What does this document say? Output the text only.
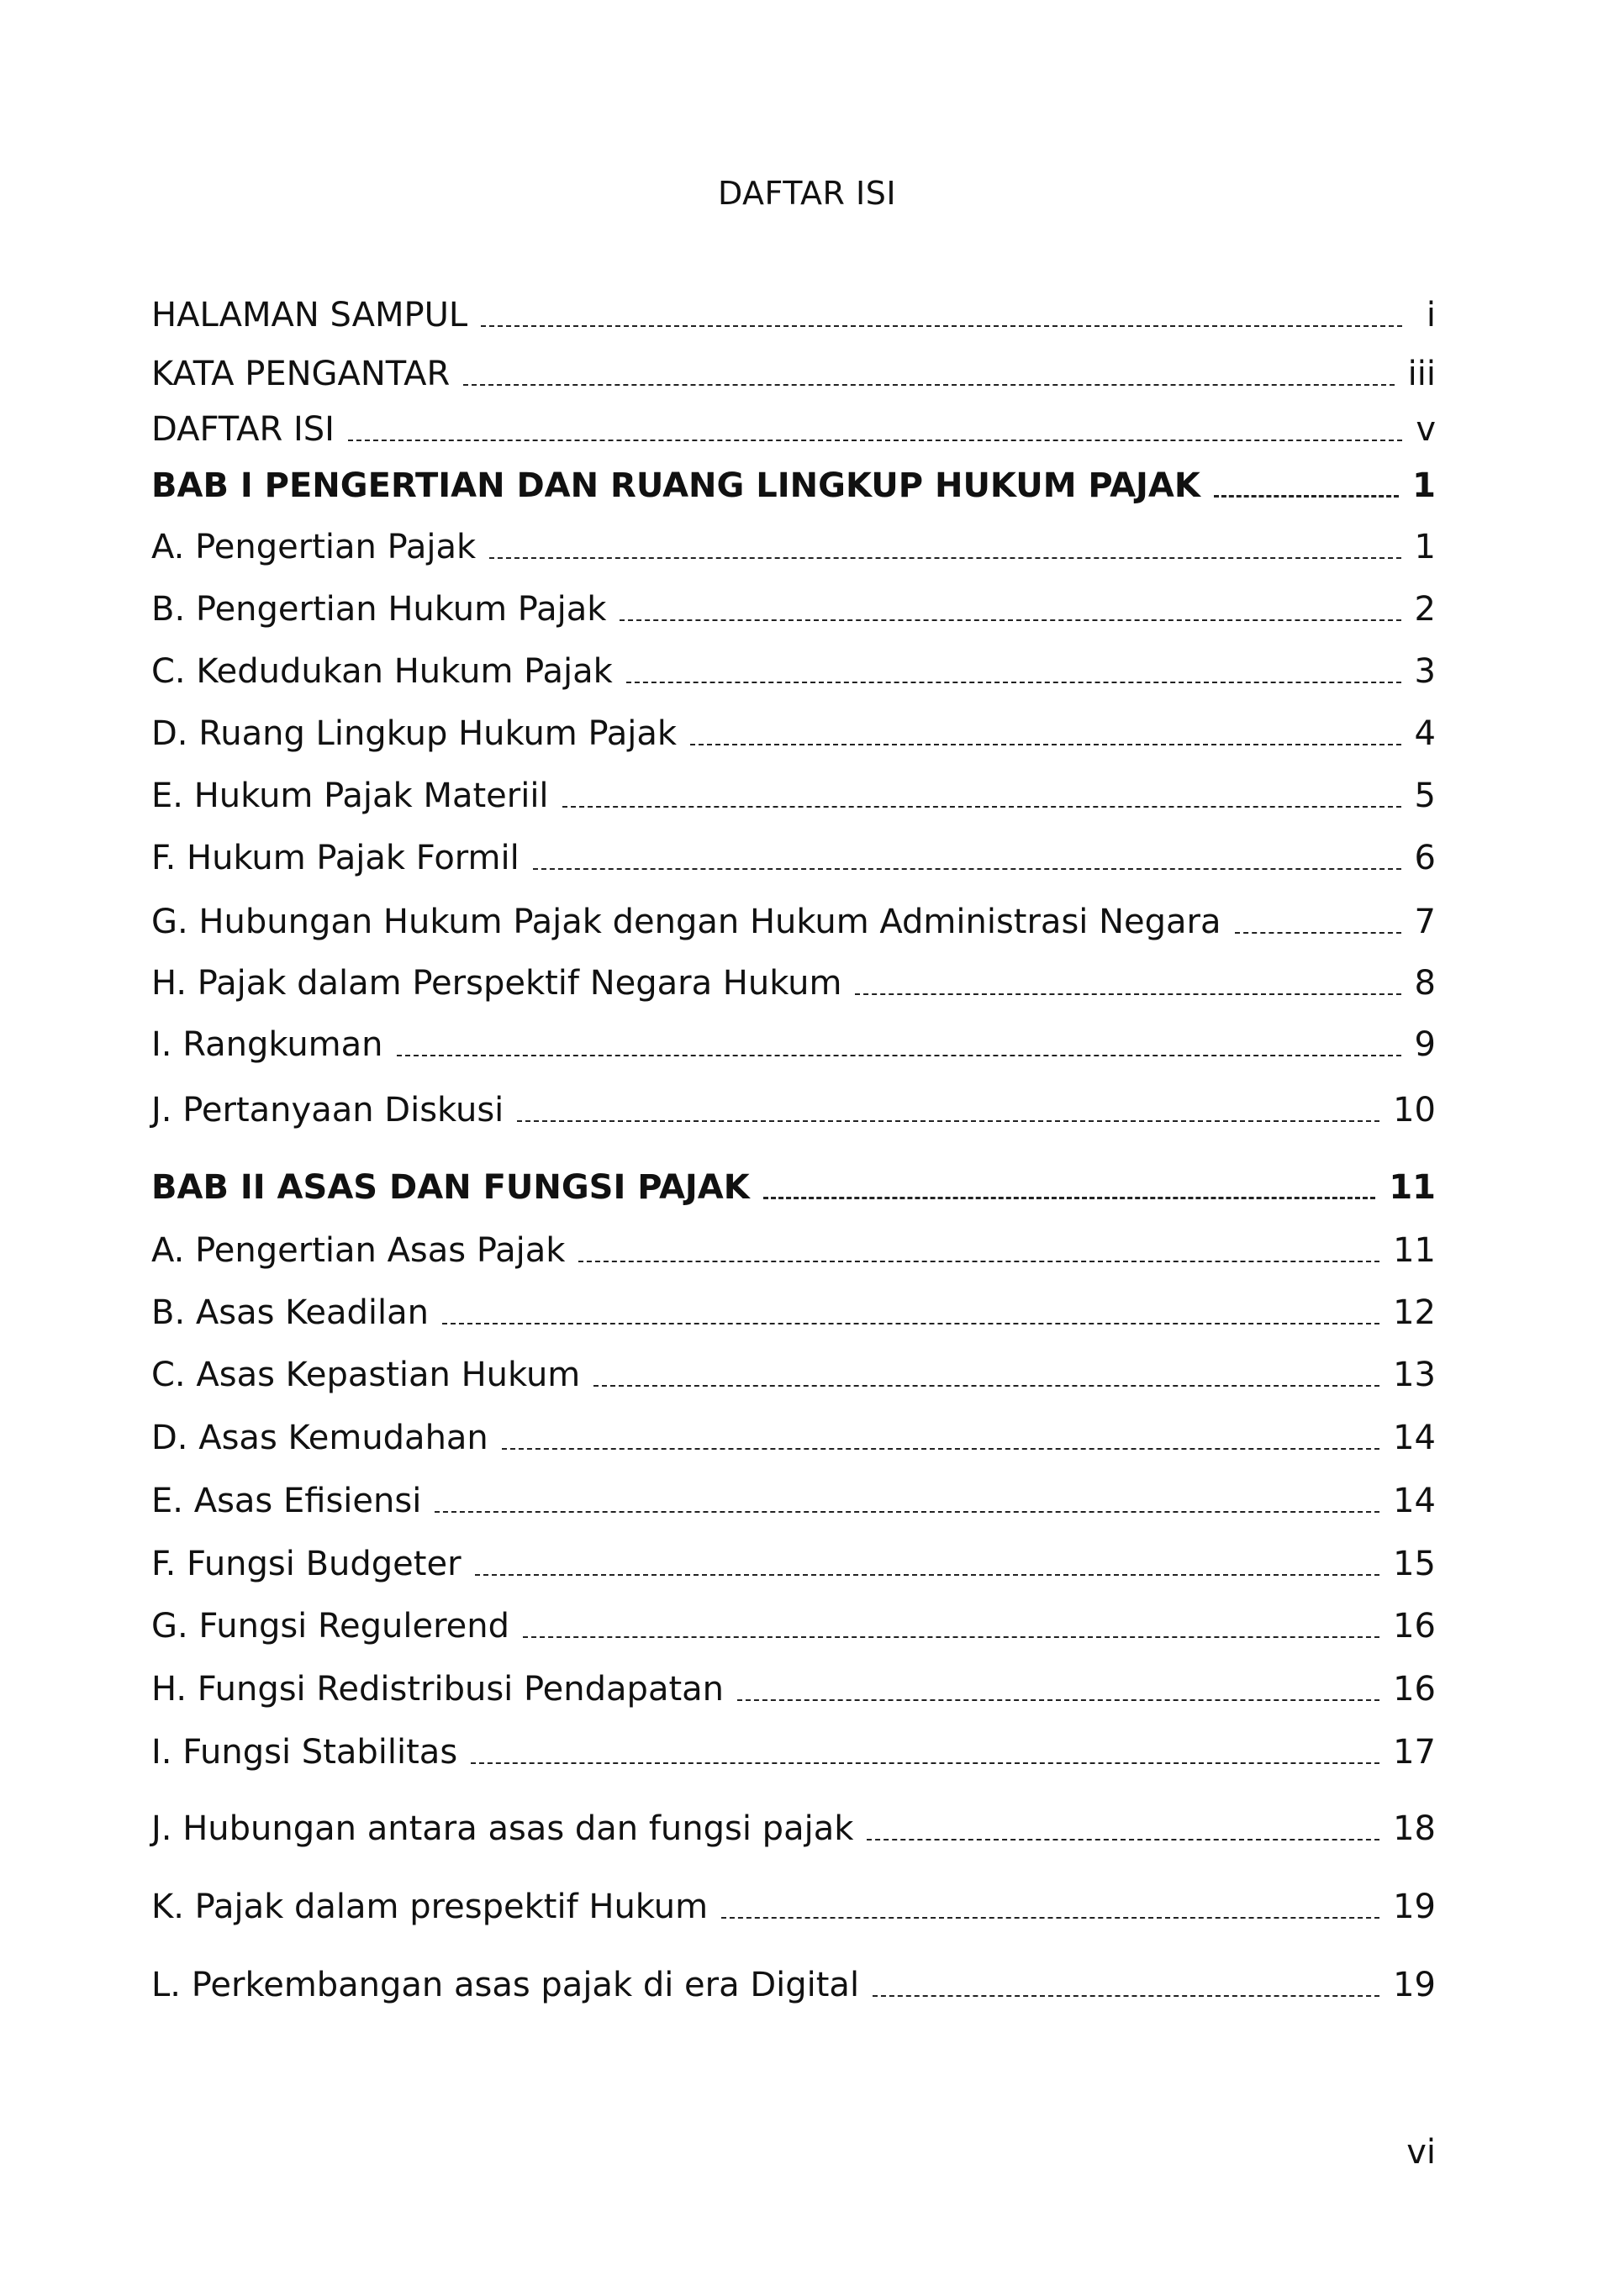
DAFTAR ISI
HALAMAN SAMPUL	i
KATA PENGANTAR	iii
DAFTAR ISI	v
BAB I PENGERTIAN DAN RUANG LINGKUP HUKUM PAJAK	1
A. Pengertian Pajak	1
B. Pengertian Hukum Pajak	2
C. Kedudukan Hukum Pajak	3
D. Ruang Lingkup Hukum Pajak	4
E. Hukum Pajak Materiil	5
F. Hukum Pajak Formil	6
G. Hubungan Hukum Pajak dengan Hukum Administrasi Negara	7
H. Pajak dalam Perspektif Negara Hukum	8
I. Rangkuman	9
J. Pertanyaan Diskusi	10
BAB II ASAS DAN FUNGSI PAJAK	11
A. Pengertian Asas Pajak	11
B. Asas Keadilan	12
C. Asas Kepastian Hukum	13
D. Asas Kemudahan	14
E. Asas Efisiensi	14
F. Fungsi Budgeter	15
G. Fungsi Regulerend	16
H. Fungsi Redistribusi Pendapatan	16
I. Fungsi Stabilitas	17
J. Hubungan antara asas dan fungsi pajak	18
K. Pajak dalam prespektif Hukum	19
L. Perkembangan asas pajak di era Digital	19
vi
